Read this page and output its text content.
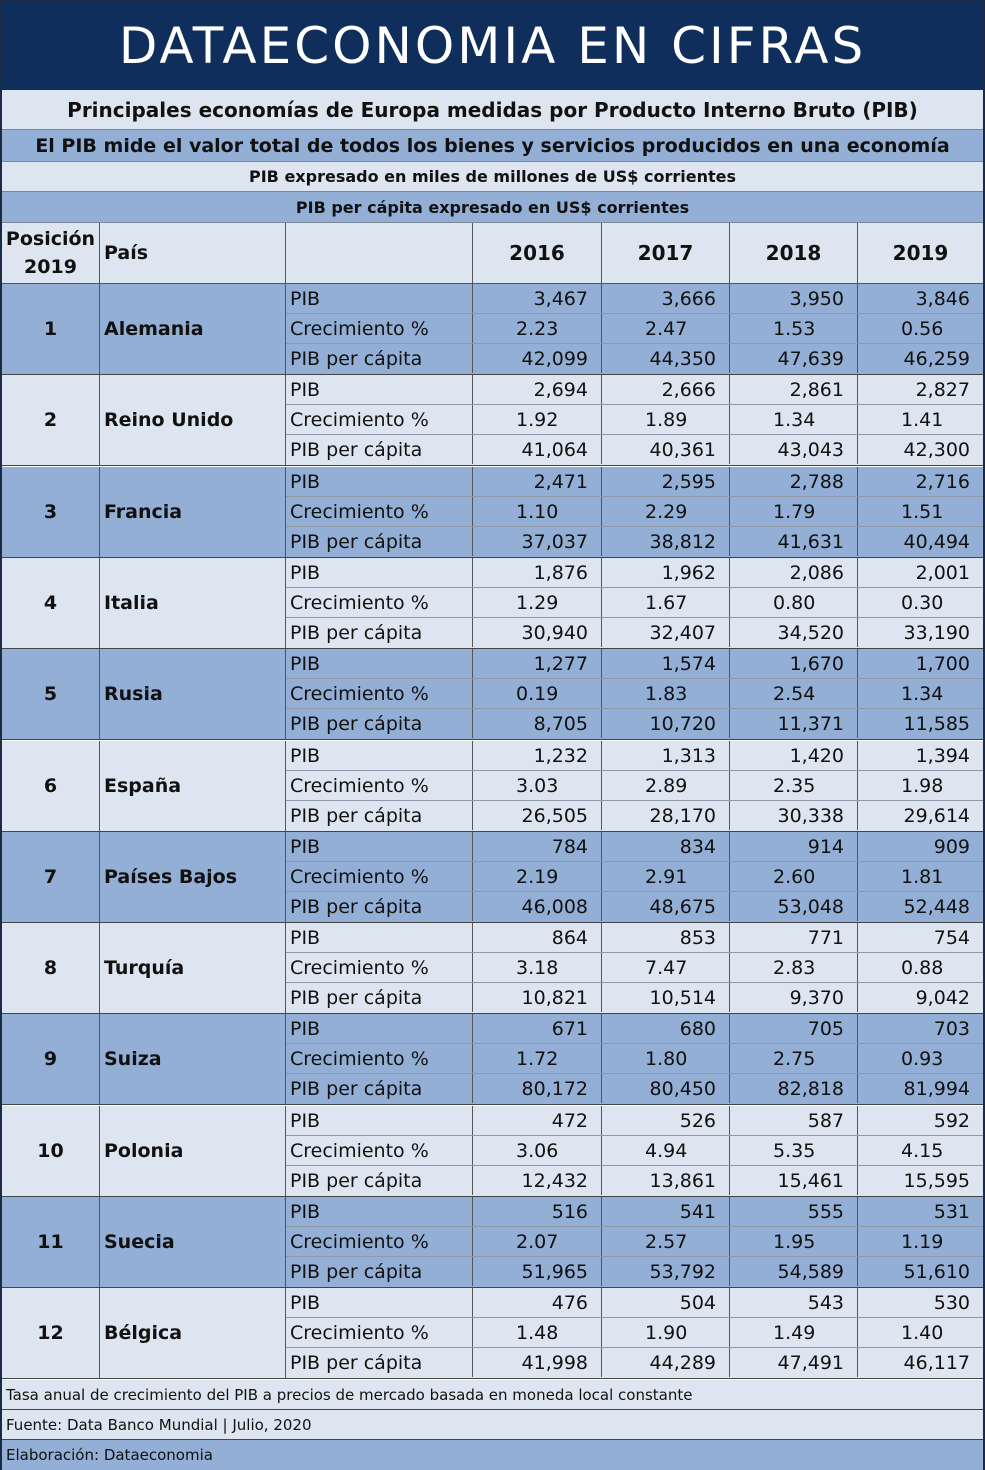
DATAECONOMIA EN CIFRAS
Principales economías de Europa medidas por Producto Interno Bruto (PIB)
El PIB mide el valor total de todos los bienes y servicios producidos en una economía
PIB expresado en miles de millones de US$ corrientes
PIB per cápita expresado en US$ corrientes
Posición 2019
País	2016	2017	2018	2019
1	Alemania
PIB	3,467	3,666	3,950	3,846
Crecimiento %	2.23	2.47	1.53	0.56
PIB per cápita	42,099	44,350	47,639	46,259
2	Reino Unido
PIB	2,694	2,666	2,861	2,827
Crecimiento %	1.92	1.89	1.34	1.41
PIB per cápita	41,064	40,361	43,043	42,300
3	Francia
PIB	2,471	2,595	2,788	2,716
Crecimiento %	1.10	2.29	1.79	1.51
PIB per cápita	37,037	38,812	41,631	40,494
4	Italia
PIB	1,876	1,962	2,086	2,001
Crecimiento %	1.29	1.67	0.80	0.30
PIB per cápita	30,940	32,407	34,520	33,190
5	Rusia
PIB	1,277	1,574	1,670	1,700
Crecimiento %	0.19	1.83	2.54	1.34
PIB per cápita	8,705	10,720	11,371	11,585
6	España
PIB	1,232	1,313	1,420	1,394
Crecimiento %	3.03	2.89	2.35	1.98
PIB per cápita	26,505	28,170	30,338	29,614
7	Países Bajos
PIB	784	834	914	909
Crecimiento %	2.19	2.91	2.60	1.81
PIB per cápita	46,008	48,675	53,048	52,448
8	Turquía
PIB	864	853	771	754
Crecimiento %	3.18	7.47	2.83	0.88
PIB per cápita	10,821	10,514	9,370	9,042
9	Suiza
PIB	671	680	705	703
Crecimiento %	1.72	1.80	2.75	0.93
PIB per cápita	80,172	80,450	82,818	81,994
10	Polonia
PIB	472	526	587	592
Crecimiento %	3.06	4.94	5.35	4.15
PIB per cápita	12,432	13,861	15,461	15,595
11	Suecia
PIB	516	541	555	531
Crecimiento %	2.07	2.57	1.95	1.19
PIB per cápita	51,965	53,792	54,589	51,610
12	Bélgica
PIB	476	504	543	530
Crecimiento %	1.48	1.90	1.49	1.40
PIB per cápita	41,998	44,289	47,491	46,117
Tasa anual de crecimiento del PIB a precios de mercado basada en moneda local constante
Fuente: Data Banco Mundial | Julio, 2020
Elaboración: Dataeconomia
